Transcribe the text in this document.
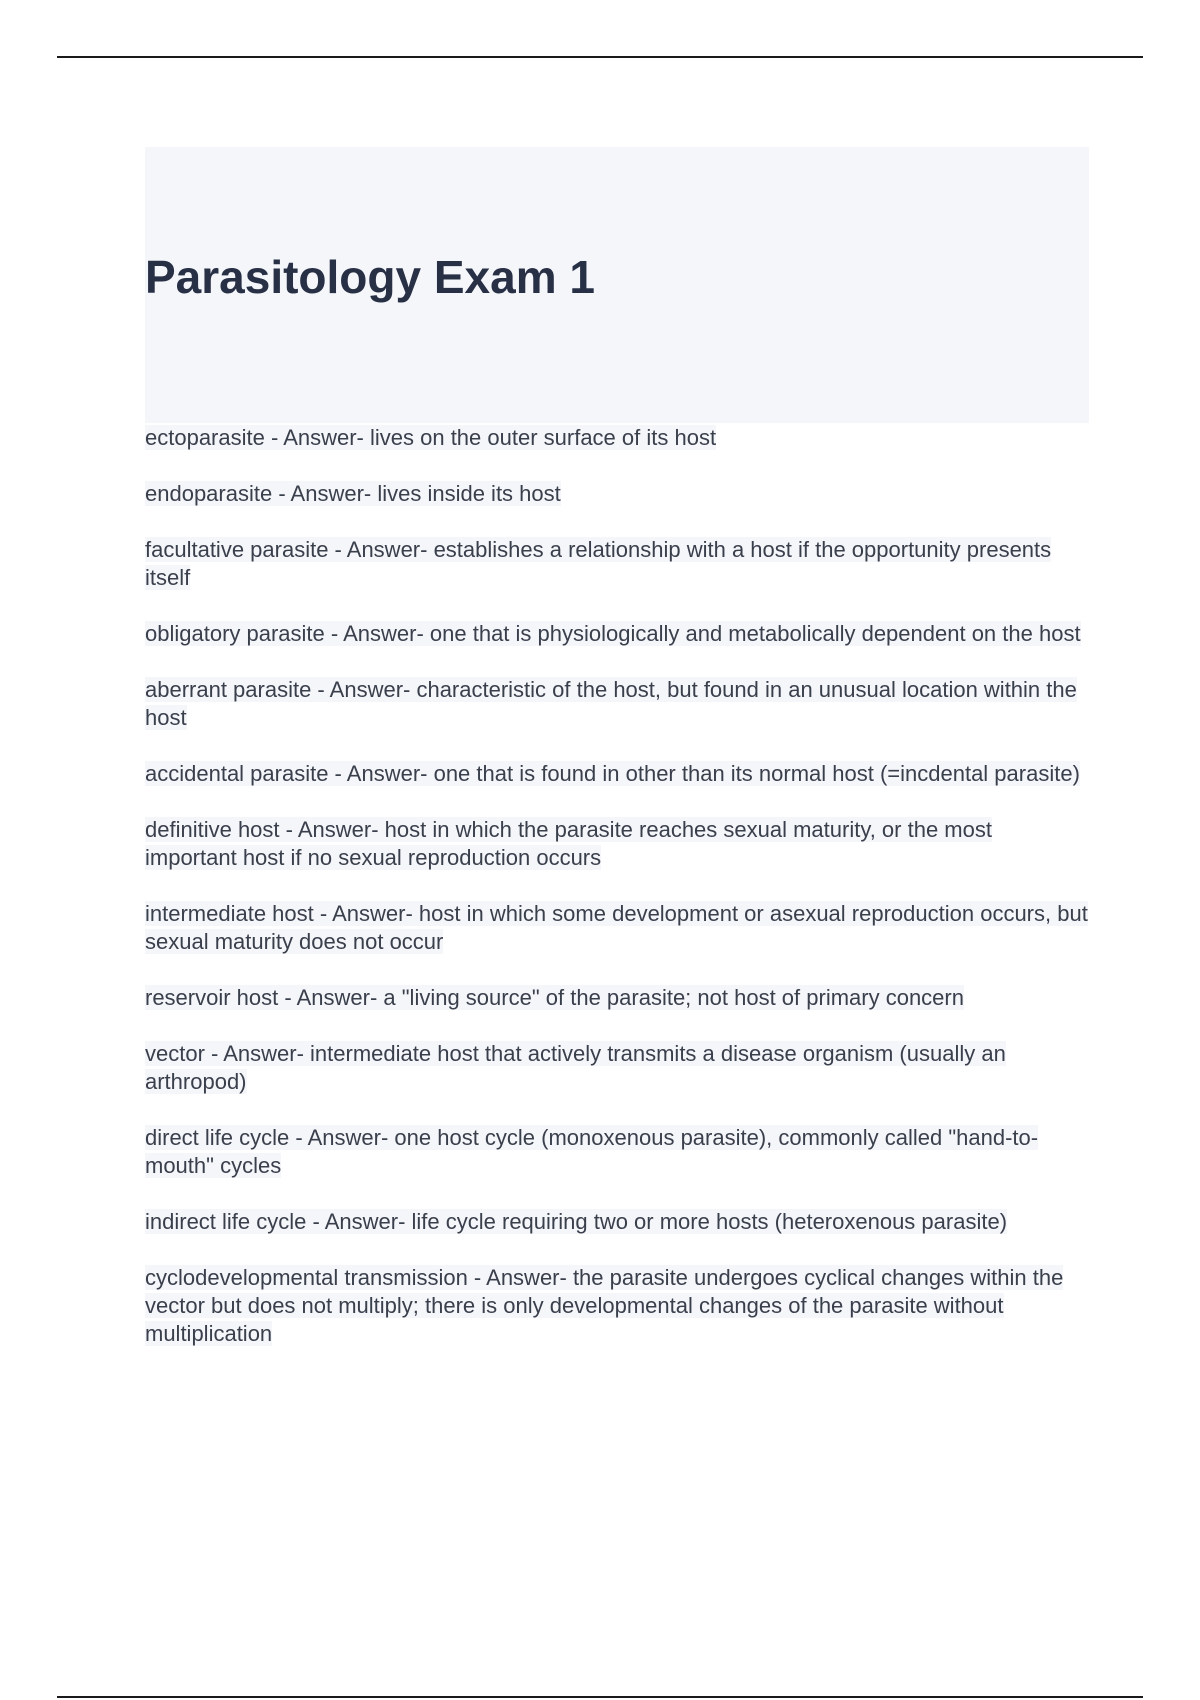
Parasitology Exam 1
ectoparasite - Answer- lives on the outer surface of its host
endoparasite - Answer- lives inside its host
facultative parasite - Answer- establishes a relationship with a host if the opportunity presents itself
obligatory parasite - Answer- one that is physiologically and metabolically dependent on the host
aberrant parasite - Answer- characteristic of the host, but found in an unusual location within the host
accidental parasite - Answer- one that is found in other than its normal host (=incdental parasite)
definitive host - Answer- host in which the parasite reaches sexual maturity, or the most important host if no sexual reproduction occurs
intermediate host - Answer- host in which some development or asexual reproduction occurs, but sexual maturity does not occur
reservoir host - Answer- a "living source" of the parasite; not host of primary concern
vector - Answer- intermediate host that actively transmits a disease organism (usually an arthropod)
direct life cycle - Answer- one host cycle (monoxenous parasite), commonly called "hand-to-mouth" cycles
indirect life cycle - Answer- life cycle requiring two or more hosts (heteroxenous parasite)
cyclodevelopmental transmission - Answer- the parasite undergoes cyclical changes within the vector but does not multiply; there is only developmental changes of the parasite without multiplication
